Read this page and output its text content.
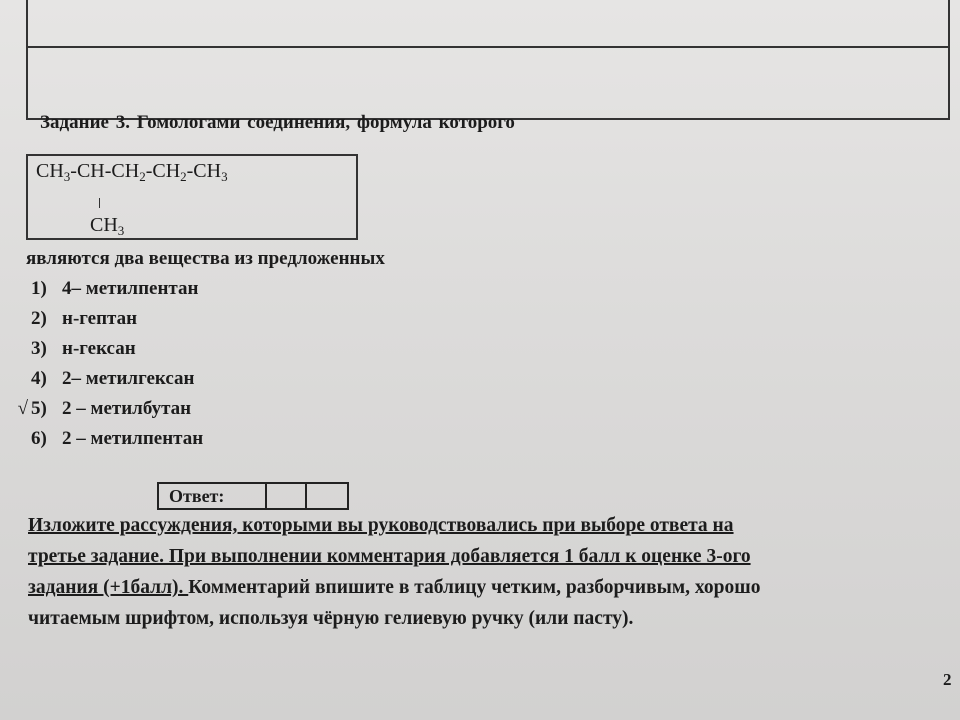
Задание 3. Гомологами соединения, формула которого
$CH_3-CH-CH_2-CH_2-CH_3$
$CH_3$
являются два вещества из предложенных
1) 4– метилпентан
2) н-гептан
3) н-гексан
4) 2– метилгексан
√ 5) 2 – метилбутан
6) 2 – метилпентан
Ответ:
Изложите рассуждения, которыми вы руководствовались при выборе ответа на
третье задание. При выполнении комментария добавляется 1 балл к оценке 3-ого
задания (+1балл). Комментарий впишите в таблицу четким, разборчивым, хорошо
читаемым шрифтом, используя чёрную гелиевую ручку (или пасту).
2
